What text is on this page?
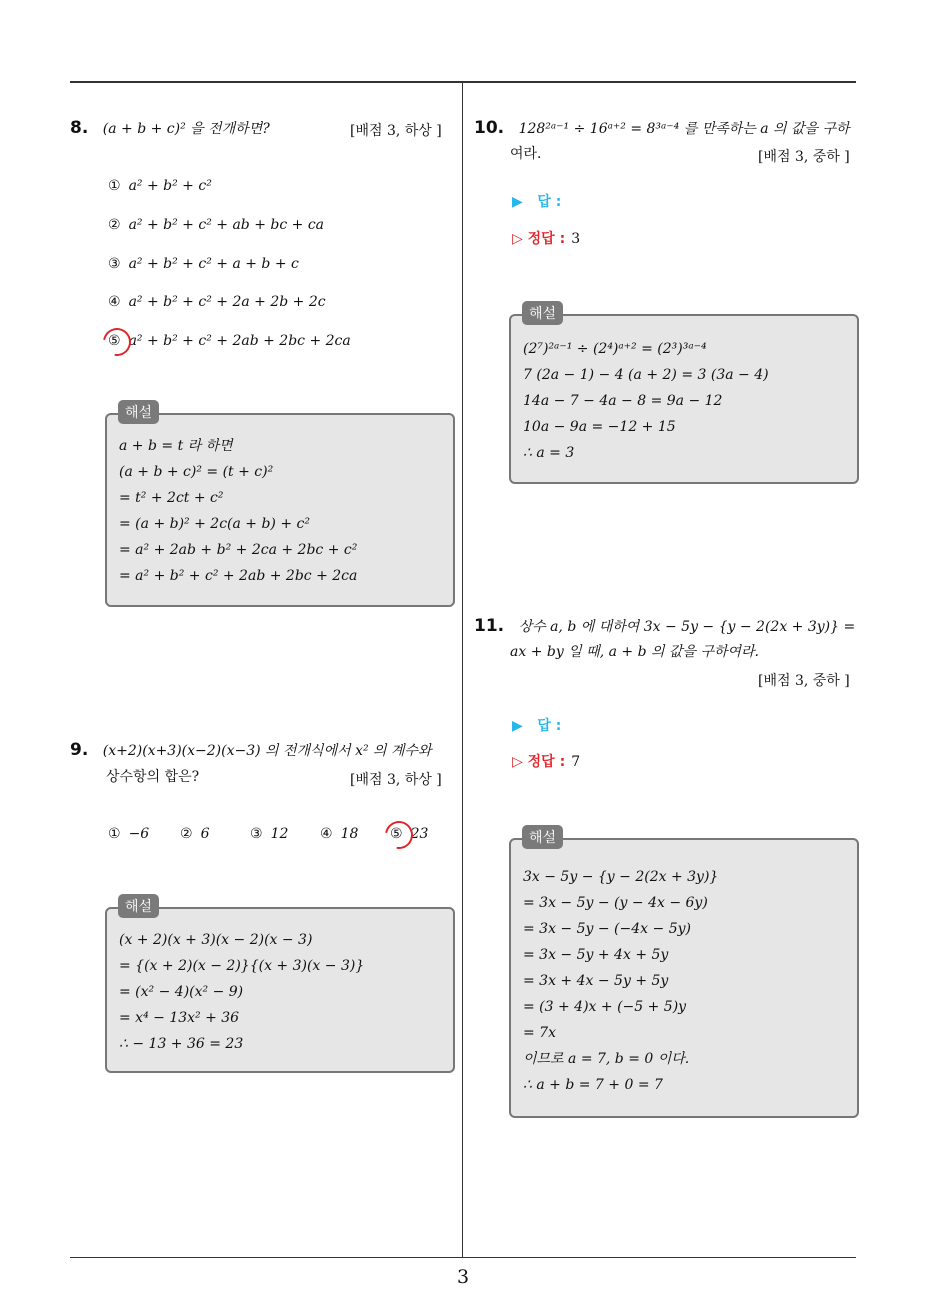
3
8. (a + b + c)² 을 전개하면?	[배점 3, 하상 ]
① a² + b² + c²
② a² + b² + c² + ab + bc + ca
③ a² + b² + c² + a + b + c
④ a² + b² + c² + 2a + 2b + 2c
⑤ a² + b² + c² + 2ab + 2bc + 2ca
a + b = t 라 하면
(a + b + c)² = (t + c)²
= t² + 2ct + c²
= (a + b)² + 2c(a + b) + c²
= a² + 2ab + b² + 2ca + 2bc + c²
= a² + b² + c² + 2ab + 2bc + 2ca
해설
9. (x+2)(x+3)(x−2)(x−3) 의 전개식에서 x² 의 계수와
상수항의 합은?	[배점 3, 하상 ]
① −6 ② 6	③ 12 ④ 18 ⑤ 23
(x + 2)(x + 3)(x − 2)(x − 3)
= {(x + 2)(x − 2)}{(x + 3)(x − 3)}
= (x² − 4)(x² − 9)
= x⁴ − 13x² + 36
∴ − 13 + 36 = 23
해설
10. 128²ᵃ⁻¹ ÷ 16ᵃ⁺² = 8³ᵃ⁻⁴ 를 만족하는 a 의 값을 구하
여라.	[배점 3, 중하 ]
▶ 답 :
▷ 정답 : 3
(2⁷)²ᵃ⁻¹ ÷ (2⁴)ᵃ⁺² = (2³)³ᵃ⁻⁴
7 (2a − 1) − 4 (a + 2) = 3 (3a − 4)
14a − 7 − 4a − 8 = 9a − 12
10a − 9a = −12 + 15
∴ a = 3
해설
11. 상수 a, b 에 대하여 3x − 5y − {y − 2(2x + 3y)} =
ax + by 일 때, a + b 의 값을 구하여라.
[배점 3, 중하 ]
▶ 답 :
▷ 정답 : 7
3x − 5y − {y − 2(2x + 3y)}
= 3x − 5y − (y − 4x − 6y)
= 3x − 5y − (−4x − 5y)
= 3x − 5y + 4x + 5y
= 3x + 4x − 5y + 5y
= (3 + 4)x + (−5 + 5)y
= 7x
이므로 a = 7, b = 0 이다.
∴ a + b = 7 + 0 = 7
해설
